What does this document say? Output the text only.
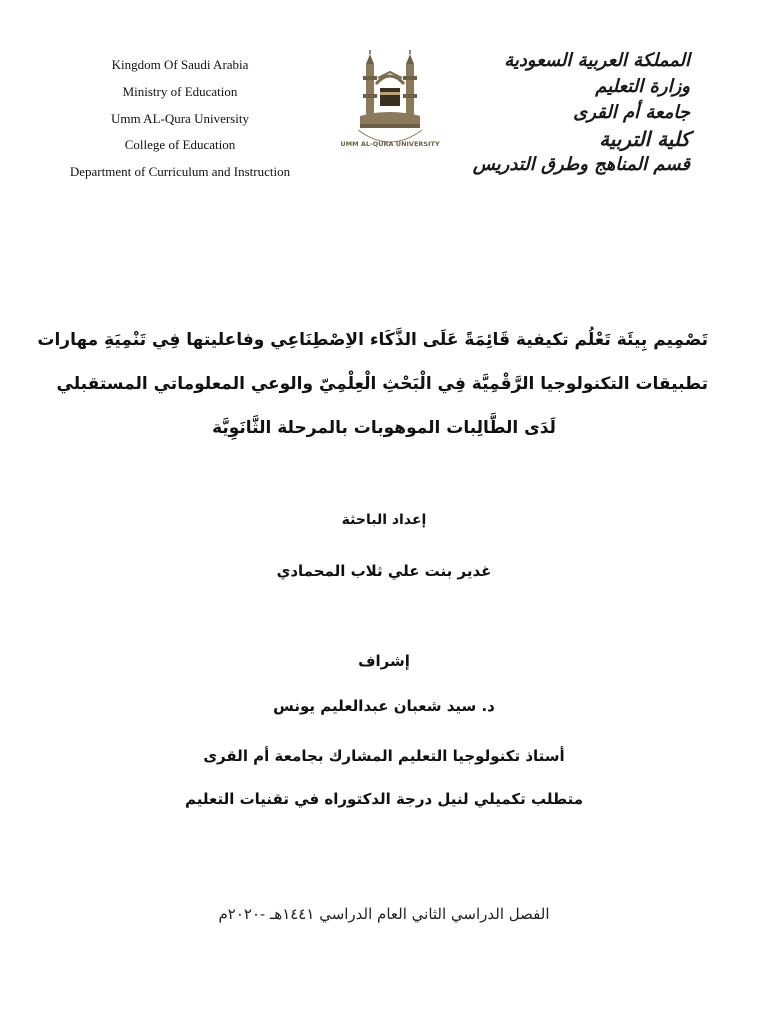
Kingdom Of Saudi Arabia
Ministry of Education
Umm AL-Qura University
College of Education
Department of Curriculum and Instruction
UMM AL-QURA UNIVERSITY
المملكة العربية السعودية
وزارة التعليم
جامعة أم القرى
كلية التربية
قسم المناهج وطرق التدريس
تَصْمِيم بِيئَة تَعْلُم تكيفية قَائِمَةً عَلَى الذَّكَاء الاِصْطِنَاعِي وفاعليتها فِي تَنْمِيَةِ مهارات
تطبيقات التكنولوجيا الرَّقْمِيَّة فِي الْبَحْثِ الْعِلْمِيّ والوعي المعلوماتي المستقبلي
لَدَى الطَّالِبات الموهوبات بالمرحلة الثَّانَوِيَّة
إعداد الباحثة
غدير بنت علي ثلاب المحمادي
إشراف
د. سيد شعبان عبدالعليم يونس
أستاذ تكنولوجيا التعليم المشارك بجامعة أم القرى
متطلب تكميلي لنيل درجة الدكتوراه في تقنيات التعليم
الفصل الدراسي الثاني العام الدراسي ١٤٤١هـ -٢٠٢٠م
